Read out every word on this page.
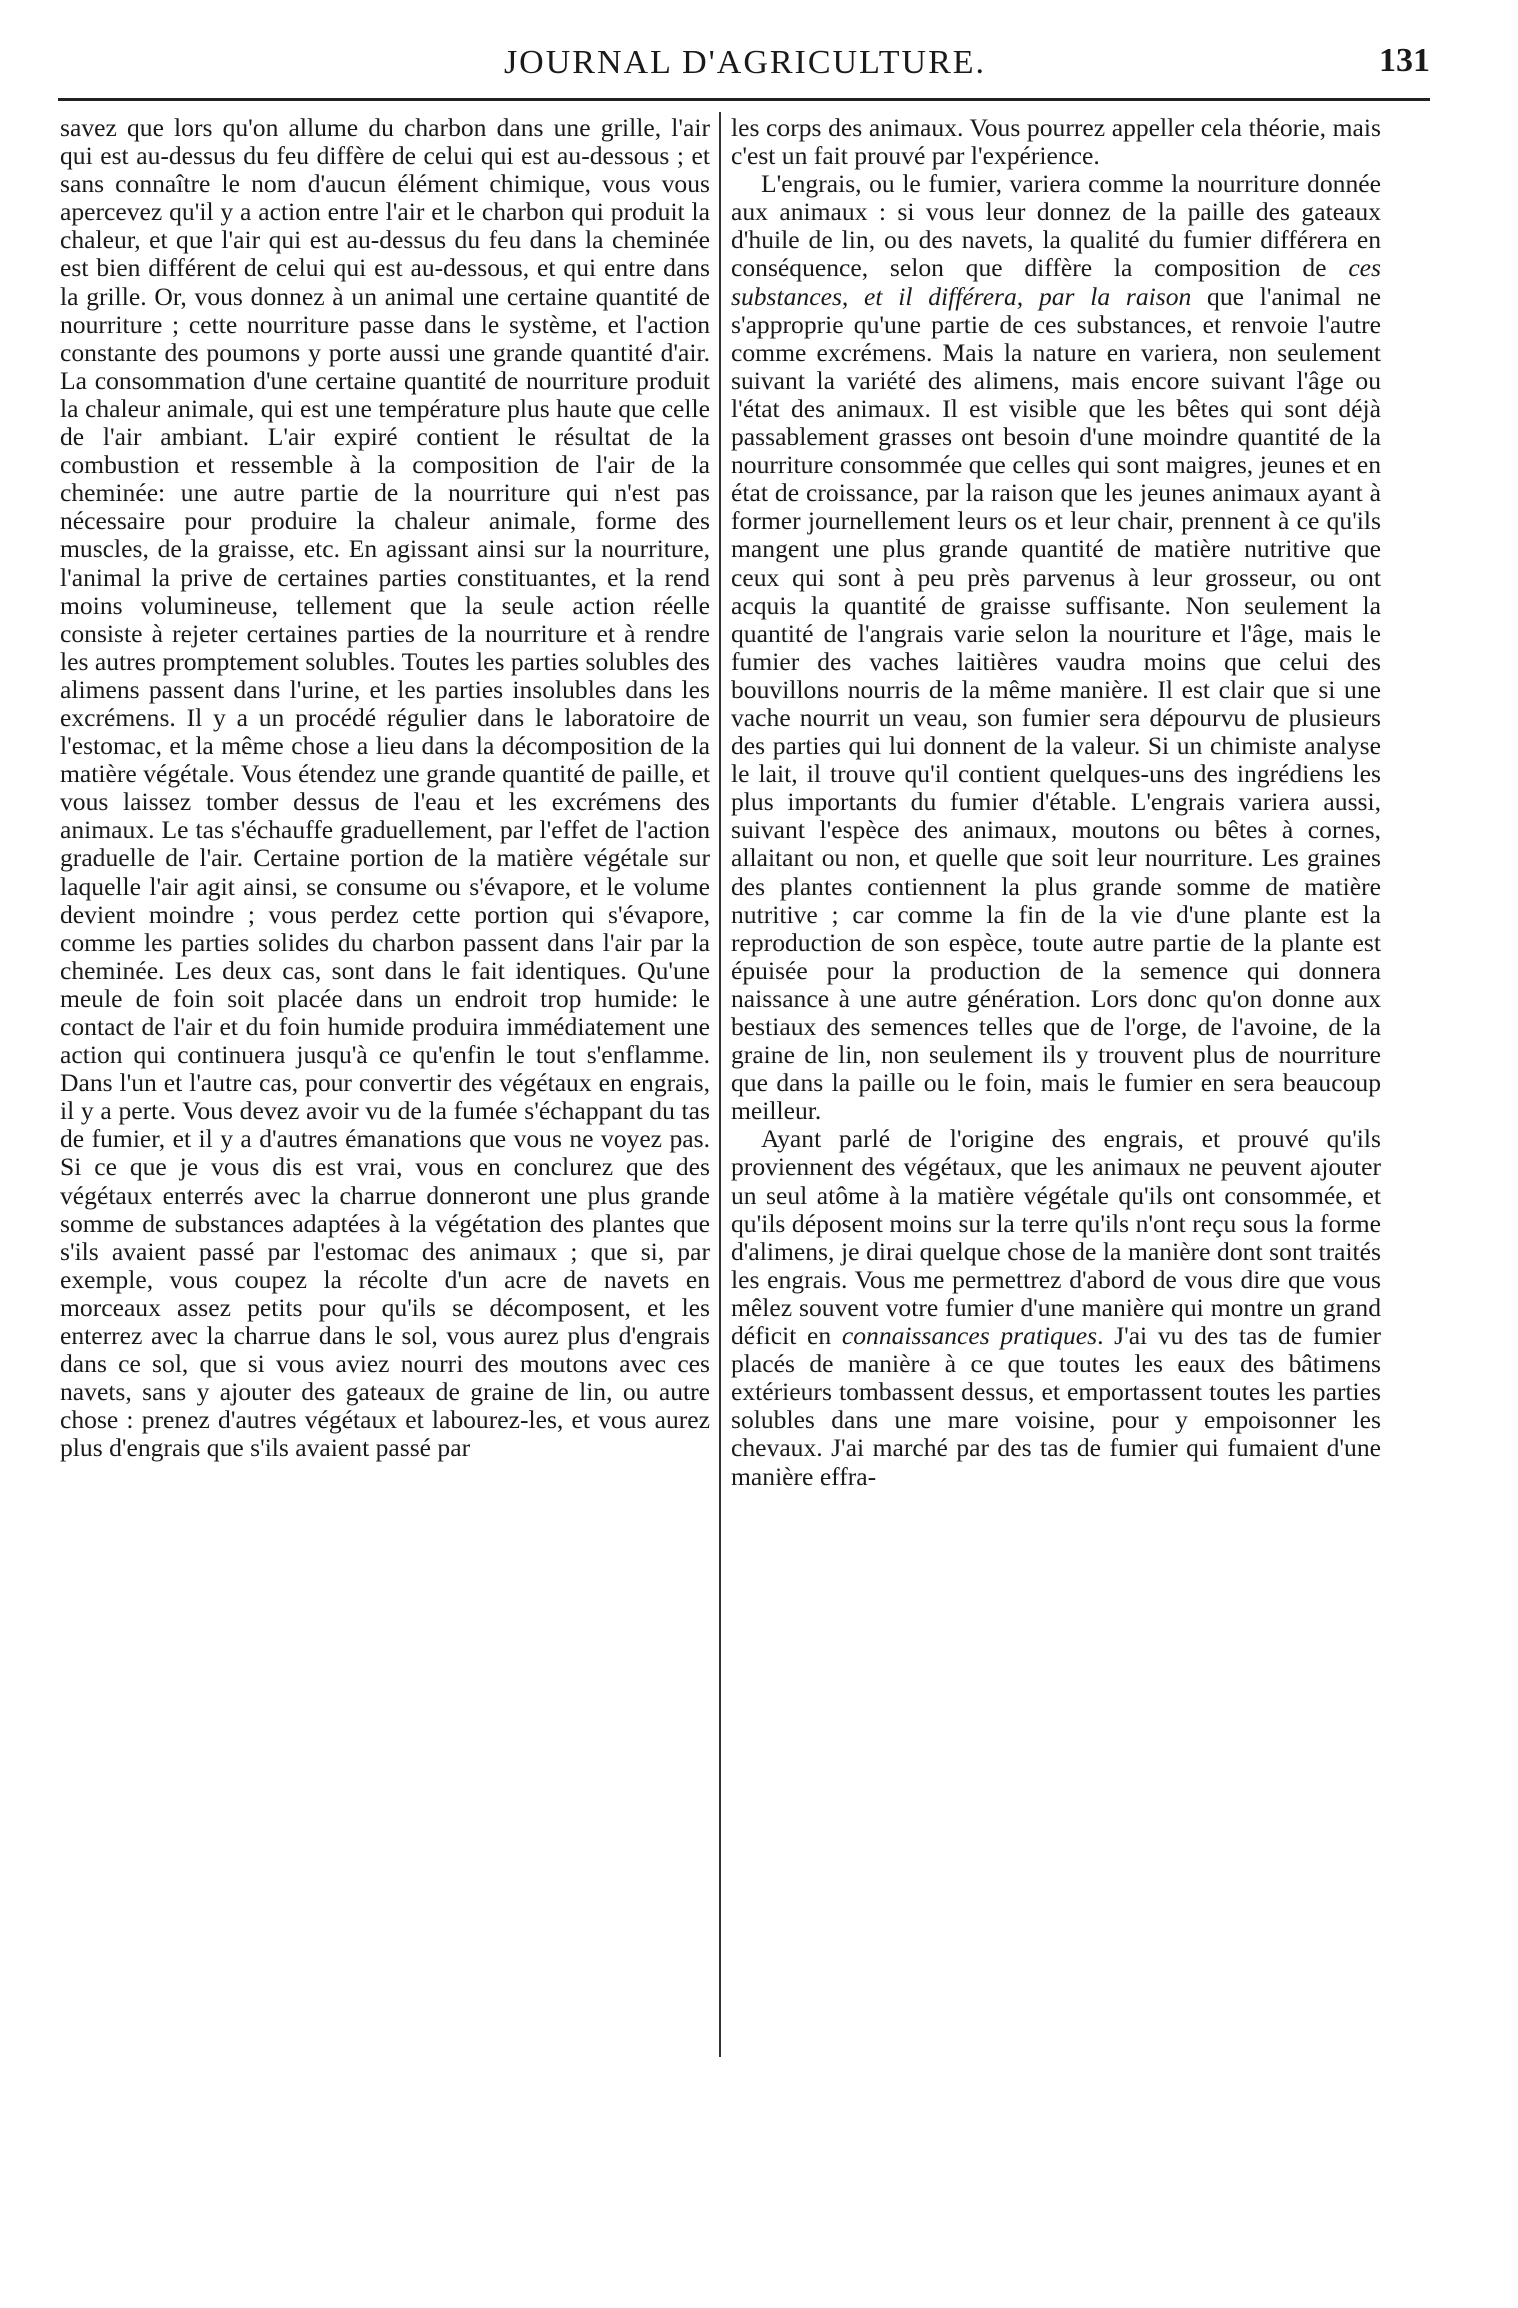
JOURNAL D'AGRICULTURE.	131

savez que lors qu'on allume du charbon dans une grille, l'air qui est au-dessus du feu diffère de celui qui est au-dessous ; et sans connaître le nom d'aucun élément chimique, vous vous apercevez qu'il y a action entre l'air et le charbon qui produit la chaleur, et que l'air qui est au-dessus du feu dans la cheminée est bien différent de celui qui est au-dessous, et qui entre dans la grille. Or, vous donnez à un animal une certaine quantité de nourriture ; cette nourriture passe dans le système, et l'action constante des poumons y porte aussi une grande quantité d'air. La consommation d'une certaine quantité de nourriture produit la chaleur animale, qui est une température plus haute que celle de l'air ambiant. L'air expiré contient le résultat de la combustion et ressemble à la composition de l'air de la cheminée: une autre partie de la nourriture qui n'est pas nécessaire pour produire la chaleur animale, forme des muscles, de la graisse, etc. En agissant ainsi sur la nourriture, l'animal la prive de certaines parties constituantes, et la rend moins volumineuse, tellement que la seule action réelle consiste à rejeter certaines parties de la nourriture et à rendre les autres promptement solubles. Toutes les parties solubles des alimens passent dans l'urine, et les parties insolubles dans les excrémens. Il y a un procédé régulier dans le laboratoire de l'estomac, et la même chose a lieu dans la décomposition de la matière végétale. Vous étendez une grande quantité de paille, et vous laissez tomber dessus de l'eau et les excrémens des animaux. Le tas s'échauffe graduellement, par l'effet de l'action graduelle de l'air. Certaine portion de la matière végétale sur laquelle l'air agit ainsi, se consume ou s'évapore, et le volume devient moindre ; vous perdez cette portion qui s'évapore, comme les parties solides du charbon passent dans l'air par la cheminée. Les deux cas, sont dans le fait identiques. Qu'une meule de foin soit placée dans un endroit trop humide: le contact de l'air et du foin humide produira immédiatement une action qui continuera jusqu'à ce qu'enfin le tout s'enflamme. Dans l'un et l'autre cas, pour convertir des végétaux en engrais, il y a perte. Vous devez avoir vu de la fumée s'échappant du tas de fumier, et il y a d'autres émanations que vous ne voyez pas. Si ce que je vous dis est vrai, vous en conclurez que des végétaux enterrés avec la charrue donneront une plus grande somme de substances adaptées à la végétation des plantes que s'ils avaient passé par l'estomac des animaux ; que si, par exemple, vous coupez la récolte d'un acre de navets en morceaux assez petits pour qu'ils se décomposent, et les enterrez avec la charrue dans le sol, vous aurez plus d'engrais dans ce sol, que si vous aviez nourri des moutons avec ces navets, sans y ajouter des gateaux de graine de lin, ou autre chose : prenez d'autres végétaux et labourez-les, et vous aurez plus d'engrais que s'ils avaient passé par

les corps des animaux. Vous pourrez appeller cela théorie, mais c'est un fait prouvé par l'expérience.

L'engrais, ou le fumier, variera comme la nourriture donnée aux animaux : si vous leur donnez de la paille des gateaux d'huile de lin, ou des navets, la qualité du fumier différera en conséquence, selon que diffère la composition de ces substances, et il différera, par la raison que l'animal ne s'approprie qu'une partie de ces substances, et renvoie l'autre comme excrémens. Mais la nature en variera, non seulement suivant la variété des alimens, mais encore suivant l'âge ou l'état des animaux. Il est visible que les bêtes qui sont déjà passablement grasses ont besoin d'une moindre quantité de la nourriture consommée que celles qui sont maigres, jeunes et en état de croissance, par la raison que les jeunes animaux ayant à former journellement leurs os et leur chair, prennent à ce qu'ils mangent une plus grande quantité de matière nutritive que ceux qui sont à peu près parvenus à leur grosseur, ou ont acquis la quantité de graisse suffisante. Non seulement la quantité de l'angrais varie selon la nouriture et l'âge, mais le fumier des vaches laitières vaudra moins que celui des bouvillons nourris de la même manière. Il est clair que si une vache nourrit un veau, son fumier sera dépourvu de plusieurs des parties qui lui donnent de la valeur. Si un chimiste analyse le lait, il trouve qu'il contient quelques-uns des ingrédiens les plus importants du fumier d'étable. L'engrais variera aussi, suivant l'espèce des animaux, moutons ou bêtes à cornes, allaitant ou non, et quelle que soit leur nourriture. Les graines des plantes contiennent la plus grande somme de matière nutritive ; car comme la fin de la vie d'une plante est la reproduction de son espèce, toute autre partie de la plante est épuisée pour la production de la semence qui donnera naissance à une autre génération. Lors donc qu'on donne aux bestiaux des semences telles que de l'orge, de l'avoine, de la graine de lin, non seulement ils y trouvent plus de nourriture que dans la paille ou le foin, mais le fumier en sera beaucoup meilleur.

Ayant parlé de l'origine des engrais, et prouvé qu'ils proviennent des végétaux, que les animaux ne peuvent ajouter un seul atôme à la matière végétale qu'ils ont consommée, et qu'ils déposent moins sur la terre qu'ils n'ont reçu sous la forme d'alimens, je dirai quelque chose de la manière dont sont traités les engrais. Vous me permettrez d'abord de vous dire que vous mêlez souvent votre fumier d'une manière qui montre un grand déficit en connaissances pratiques. J'ai vu des tas de fumier placés de manière à ce que toutes les eaux des bâtimens extérieurs tombassent dessus, et emportassent toutes les parties solubles dans une mare voisine, pour y empoisonner les chevaux. J'ai marché par des tas de fumier qui fumaient d'une manière effra-
